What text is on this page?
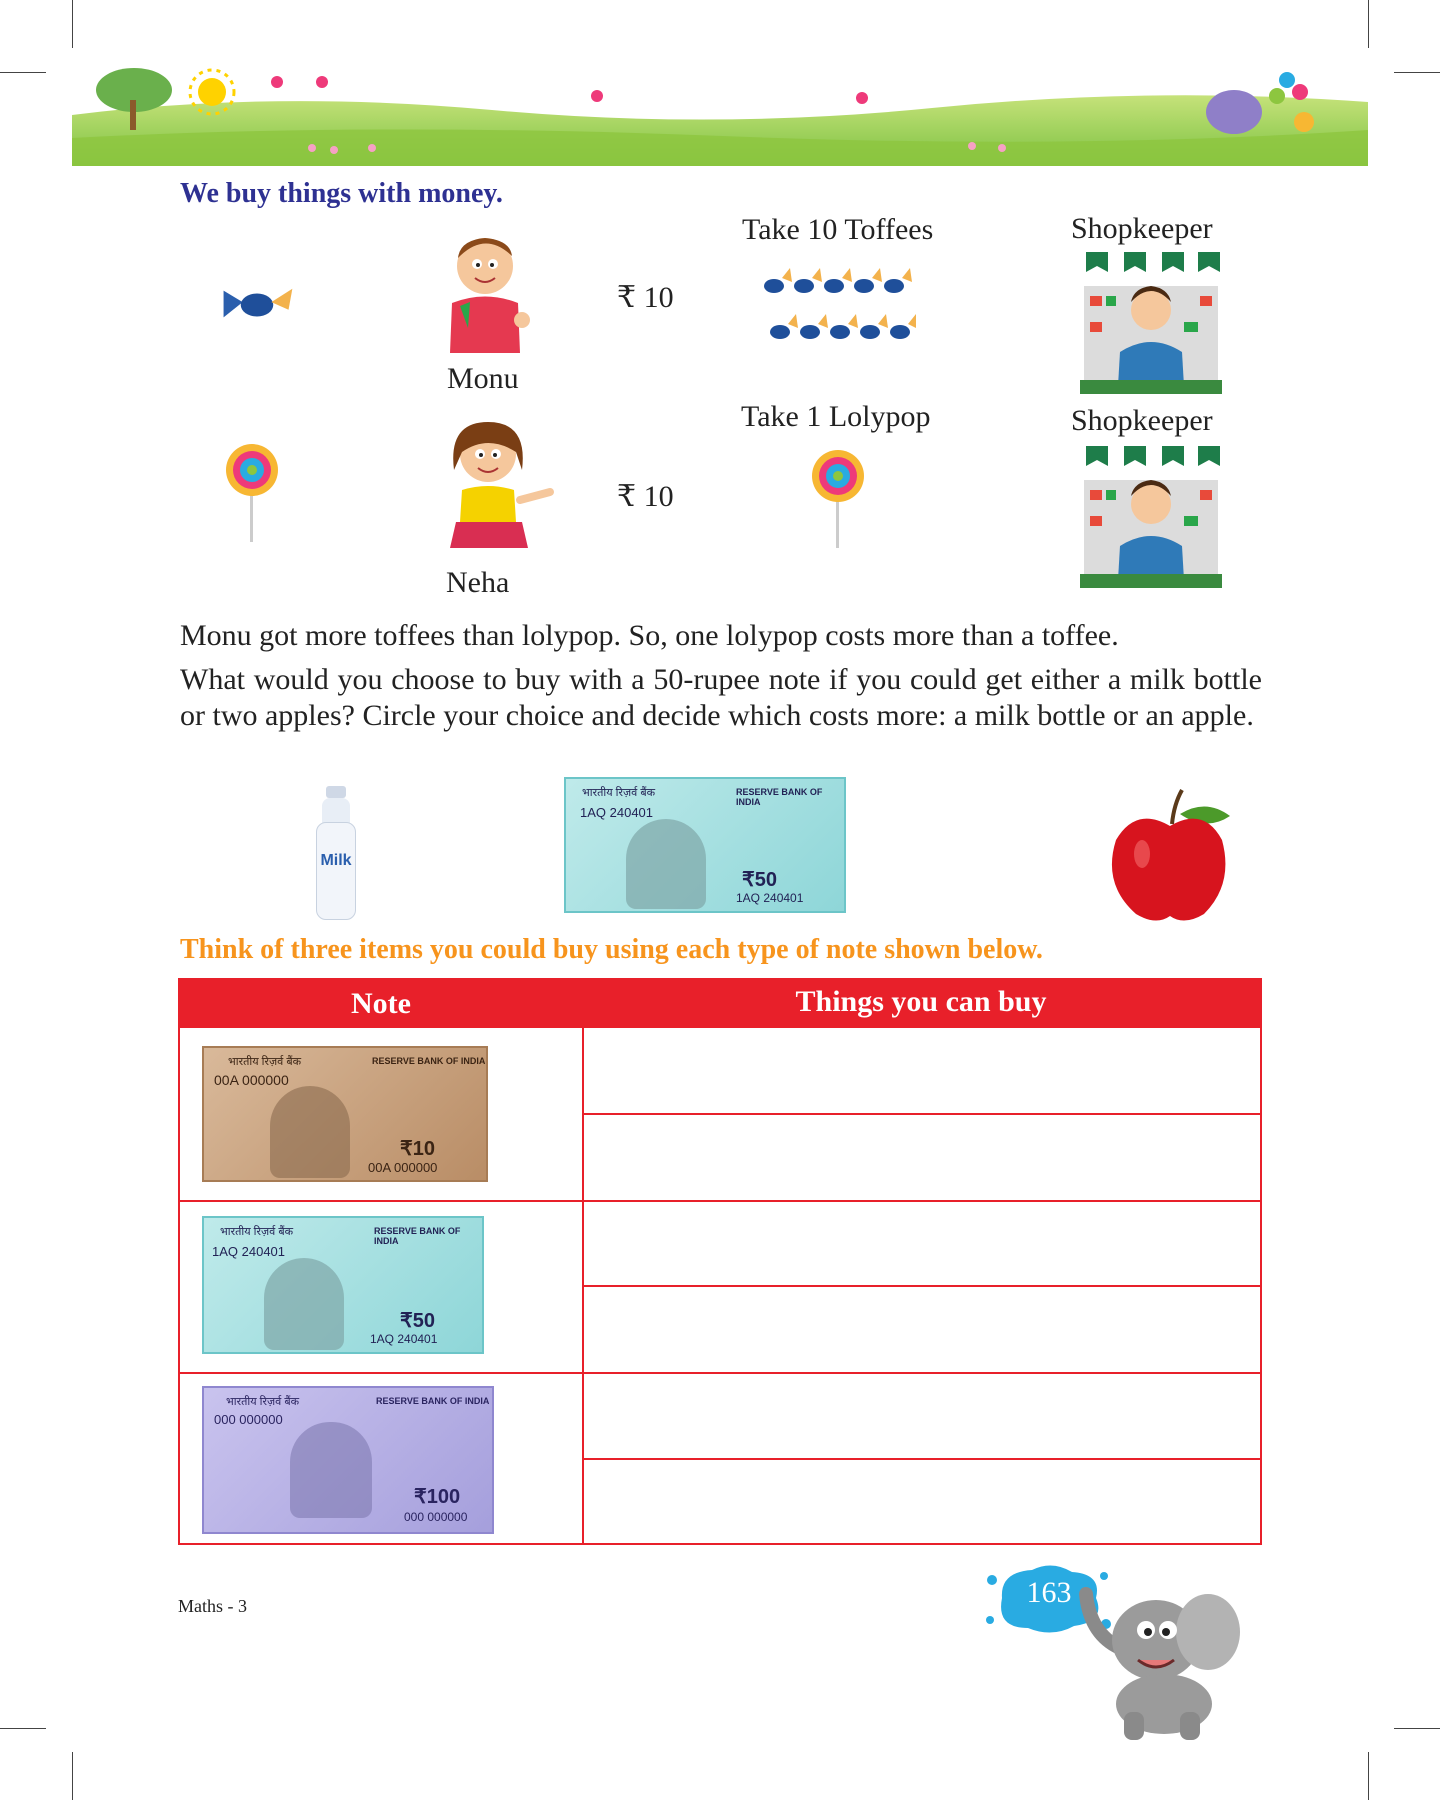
We buy things with money.
Monu
₹ 10
Take 10 Toffees	Shopkeeper
Neha
₹ 10
Take 1 Lolypop	Shopkeeper
Monu got more toffees than lolypop. So, one lolypop costs more than a toffee.
What would you choose to buy with a 50-rupee note if you could get either a milk bottle or two apples? Circle your choice and decide which costs more: a milk bottle or an apple.
Milk
भारतीय रिज़र्व बैंक	RESERVE BANK OF INDIA
1AQ 240401
₹50
1AQ 240401
Think of three items you could buy using each type of note shown below.
Note	Things you can buy
भारतीय रिज़र्व बैंक	RESERVE BANK OF INDIA
00A 000000
₹10
00A 000000
भारतीय रिज़र्व बैंक	RESERVE BANK OF INDIA
1AQ 240401
₹50
1AQ 240401
भारतीय रिज़र्व बैंक	RESERVE BANK OF INDIA
000 000000
₹100
000 000000
Maths - 3	163
